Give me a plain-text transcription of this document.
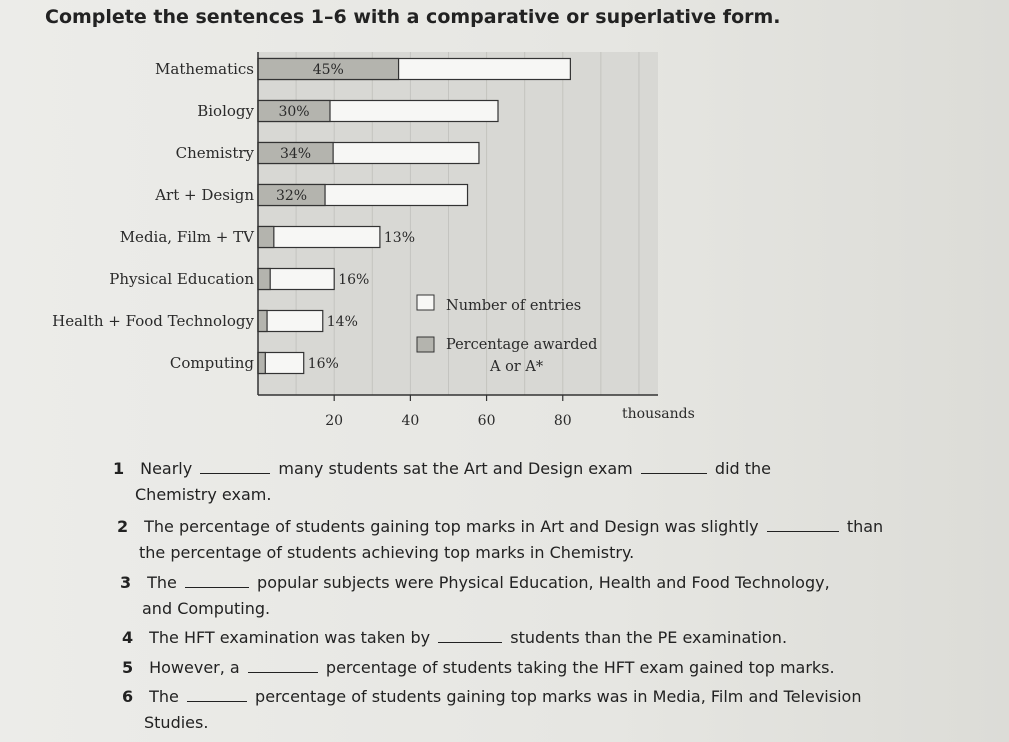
Complete the sentences 1–6 with a comparative or superlative form.
Mathematics	45%
Biology 30%
Chemistry 34%
Art + Design 32%
Media, Film + TV	13%
Physical Education	16%
Health + Food Technology	14%
Computing	16%
20	40	60	80	thousands
Number of entries
Percentage awarded
A or A*
1 Nearly	many students sat the Art and Design exam	did the
Chemistry exam.
2 The percentage of students gaining top marks in Art and Design was slightly	than
the percentage of students achieving top marks in Chemistry.
3 The	popular subjects were Physical Education, Health and Food Technology,
and Computing.
4 The HFT examination was taken by	students than the PE examination.
5 However, a	percentage of students taking the HFT exam gained top marks.
6 The	percentage of students gaining top marks was in Media, Film and Television
Studies.
